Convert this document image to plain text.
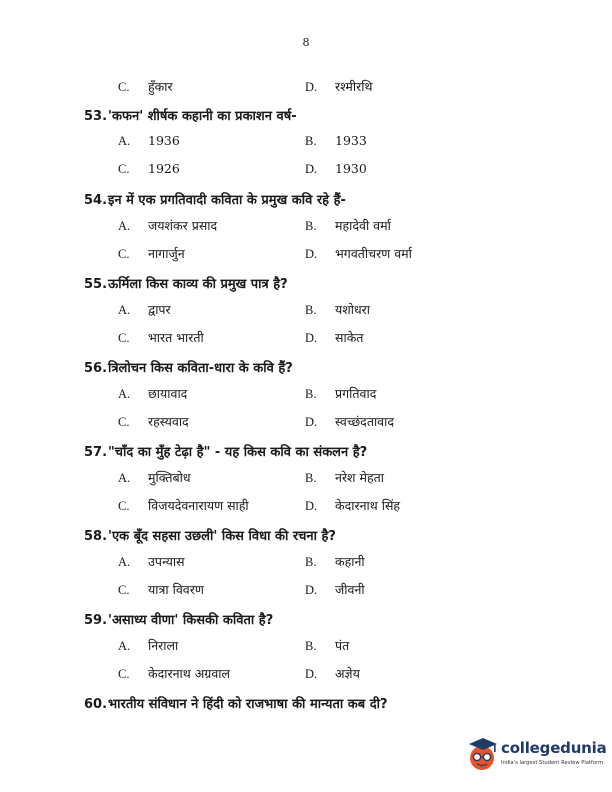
8
C. हुँकार	D. रश्मीरथि
53.'कफन' शीर्षक कहानी का प्रकाशन वर्ष-
A. 1936	B. 1933
C. 1926	D. 1930
54.इन में एक प्रगतिवादी कविता के प्रमुख कवि रहे हैं-
A. जयशंकर प्रसाद	B. महादेवी वर्मा
C. नागार्जुन	D. भगवतीचरण वर्मा
55.ऊर्मिला किस काव्य की प्रमुख पात्र है?
A. द्वापर	B. यशोधरा
C. भारत भारती	D. साकेत
56.त्रिलोचन किस कविता-धारा के कवि हैं?
A. छायावाद	B. प्रगतिवाद
C. रहस्यवाद	D. स्वच्छंदतावाद
57."चाँद का मुँह टेढ़ा है" - यह किस कवि का संकलन है?
A. मुक्तिबोध	B. नरेश मेहता
C. विजयदेवनारायण साही	D. केदारनाथ सिंह
58.'एक बूँद सहसा उछली' किस विधा की रचना है?
A. उपन्यास	B. कहानी
C. यात्रा विवरण	D. जीवनी
59.'असाध्य वीणा' किसकी कविता है?
A. निराला	B. पंत
C. केदारनाथ अग्रवाल	D. अज्ञेय
60.भारतीय संविधान ने हिंदी को राजभाषा की मान्यता कब दी?
collegedunia
India's largest Student Review Platform
